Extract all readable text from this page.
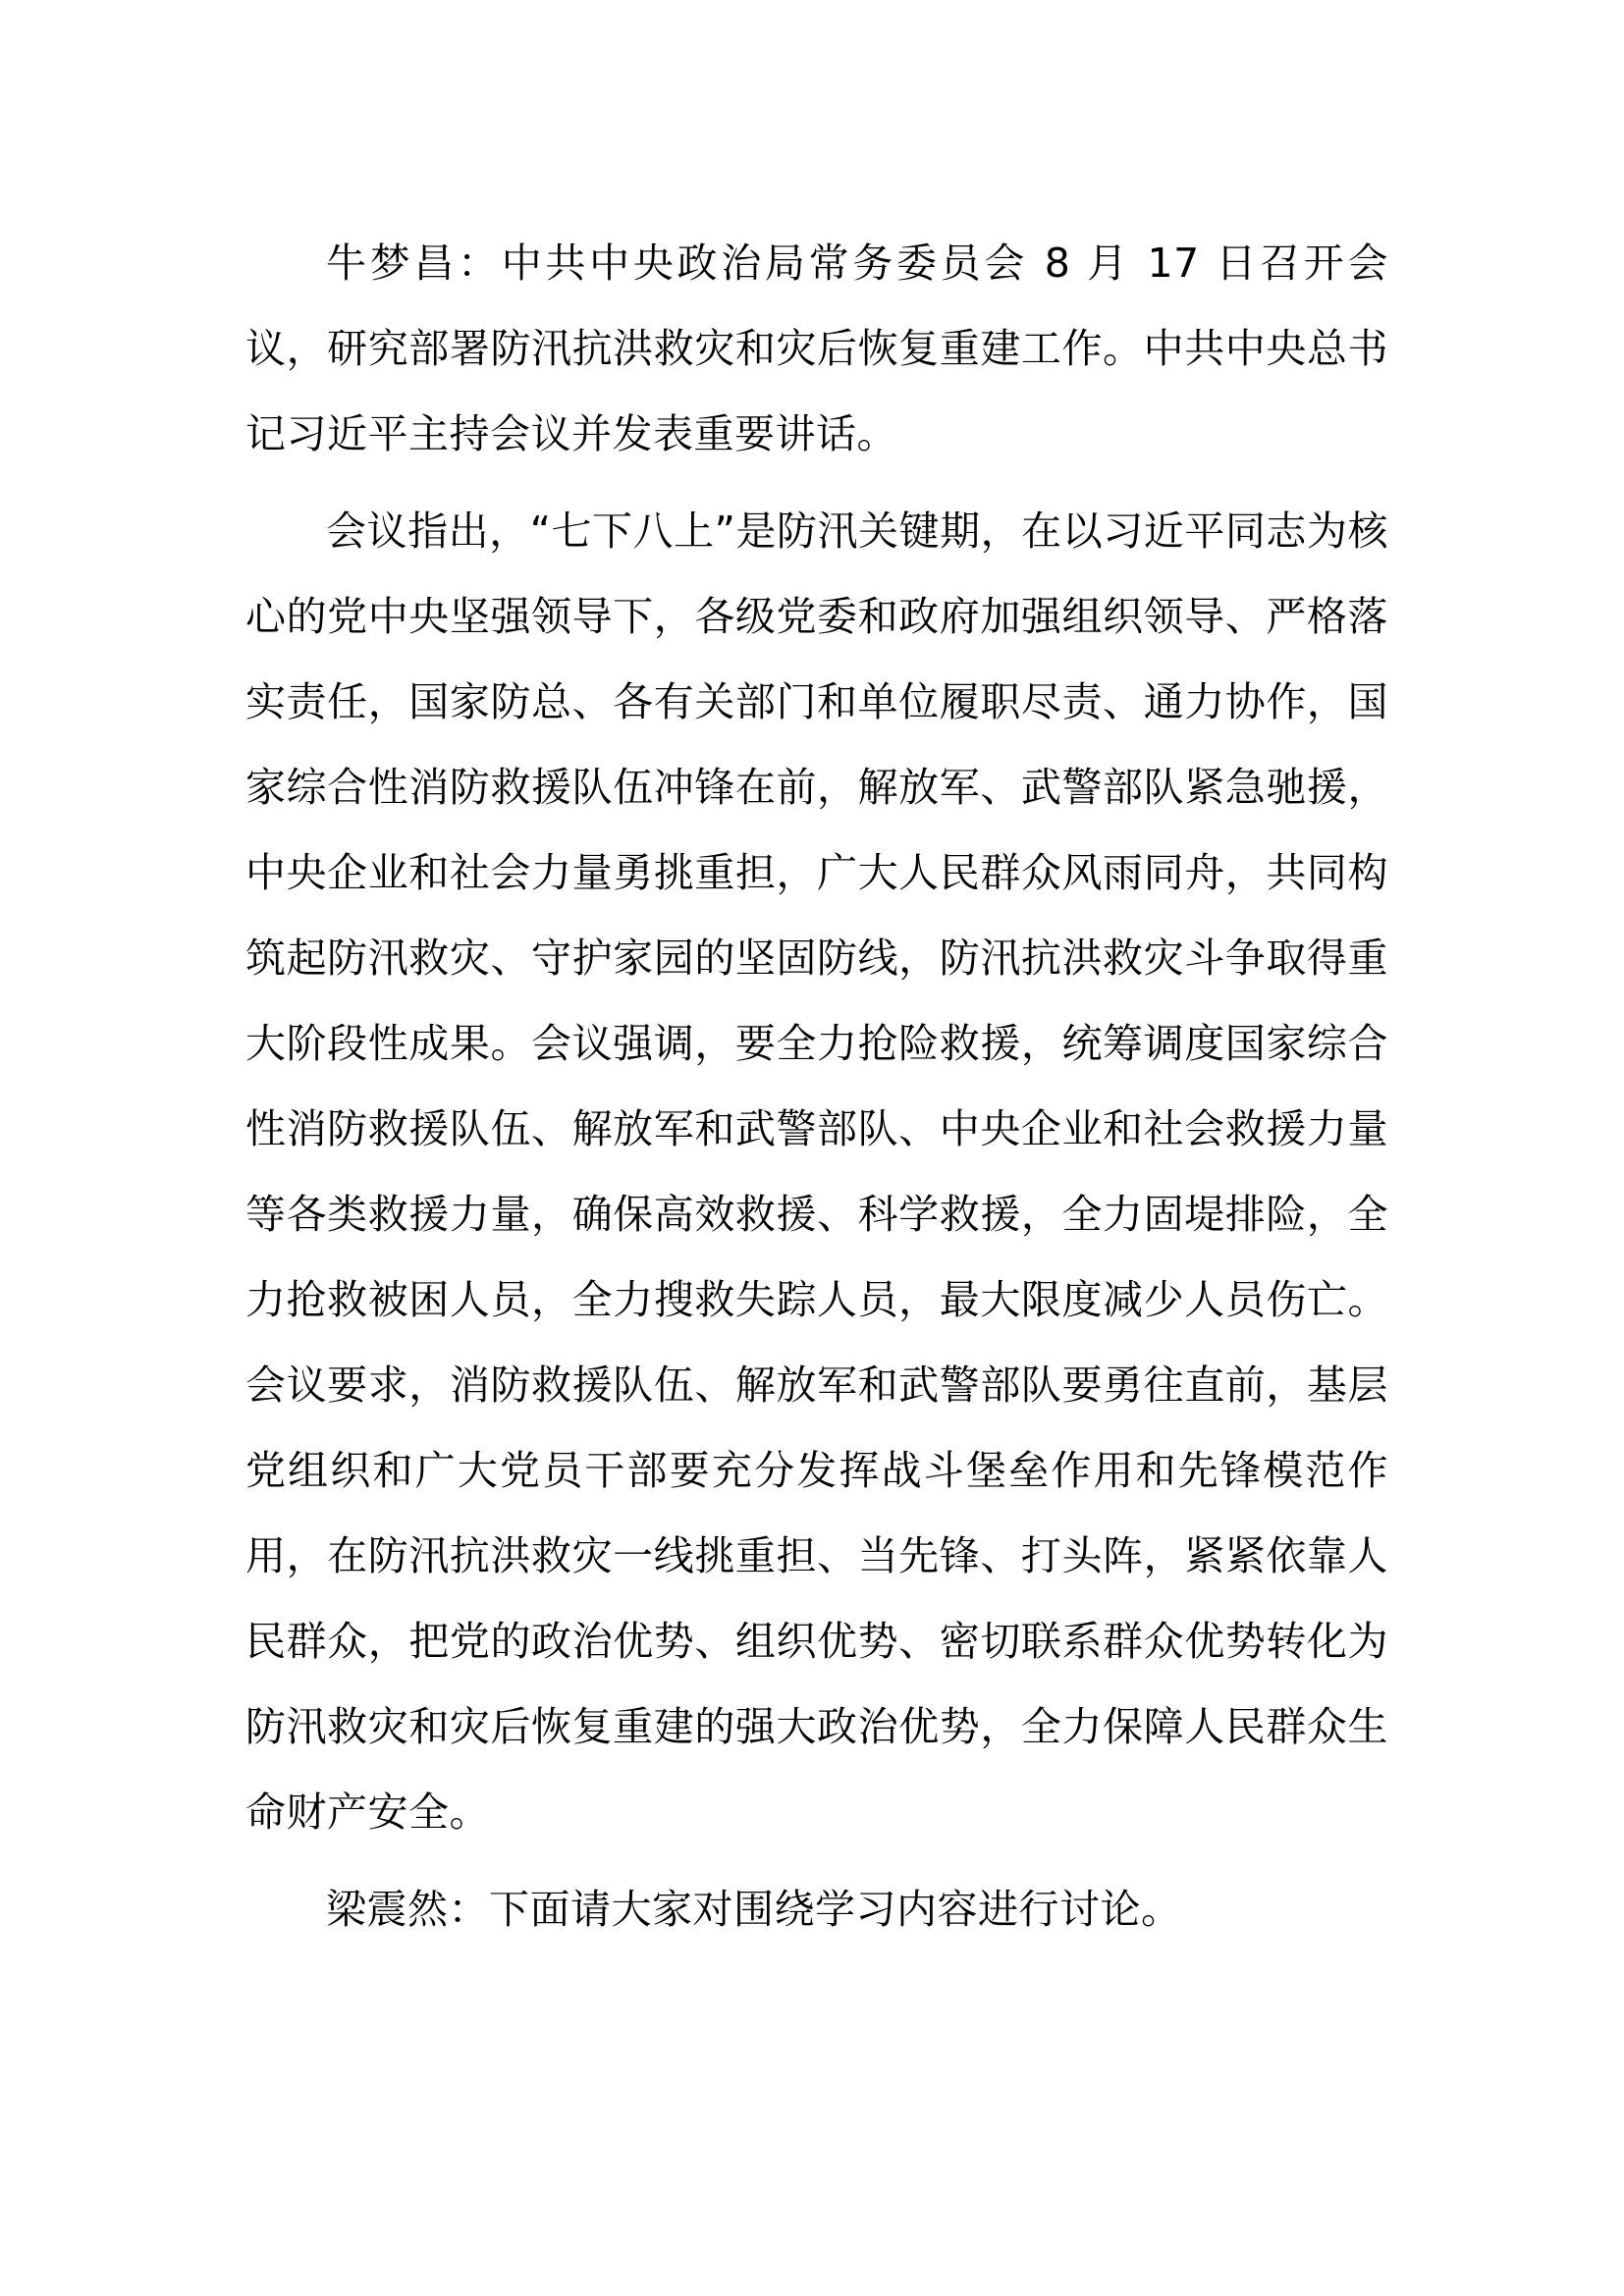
牛梦昌：中共中央政治局常务委员会 8 月 17 日召开会议，研究部署防汛抗洪救灾和灾后恢复重建工作。中共中央总书记习近平主持会议并发表重要讲话。

会议指出，“七下八上”是防汛关键期，在以习近平同志为核心的党中央坚强领导下，各级党委和政府加强组织领导、严格落实责任，国家防总、各有关部门和单位履职尽责、通力协作，国家综合性消防救援队伍冲锋在前，解放军、武警部队紧急驰援，中央企业和社会力量勇挑重担，广大人民群众风雨同舟，共同构筑起防汛救灾、守护家园的坚固防线，防汛抗洪救灾斗争取得重大阶段性成果。会议强调，要全力抢险救援，统筹调度国家综合性消防救援队伍、解放军和武警部队、中央企业和社会救援力量等各类救援力量，确保高效救援、科学救援，全力固堤排险，全力抢救被困人员，全力搜救失踪人员，最大限度减少人员伤亡。会议要求，消防救援队伍、解放军和武警部队要勇往直前，基层党组织和广大党员干部要充分发挥战斗堡垒作用和先锋模范作用，在防汛抗洪救灾一线挑重担、当先锋、打头阵，紧紧依靠人民群众，把党的政治优势、组织优势、密切联系群众优势转化为防汛救灾和灾后恢复重建的强大政治优势，全力保障人民群众生命财产安全。

梁震然：下面请大家对围绕学习内容进行讨论。
